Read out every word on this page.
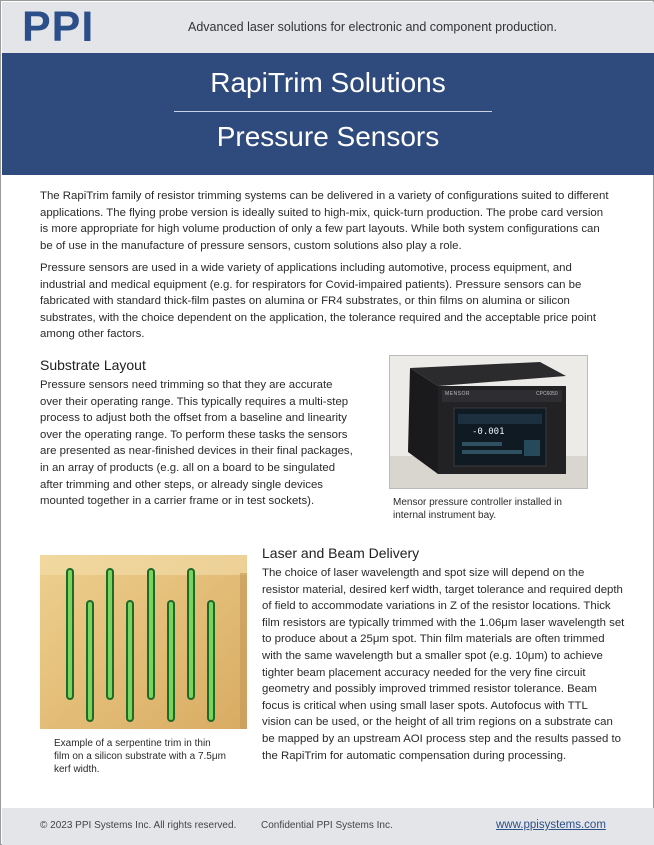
PPI	Advanced laser solutions for electronic and component production.
RapiTrim Solutions
Pressure Sensors
The RapiTrim family of resistor trimming systems can be delivered in a variety of configurations suited to different
applications. The flying probe version is ideally suited to high-mix, quick-turn production. The probe card version
is more appropriate for high volume production of only a few part layouts. While both system configurations can
be of use in the manufacture of pressure sensors, custom solutions also play a role.
Pressure sensors are used in a wide variety of applications including automotive, process equipment, and
industrial and medical equipment (e.g. for respirators for Covid-impaired patients). Pressure sensors can be
fabricated with standard thick-film pastes on alumina or FR4 substrates, or thin films on alumina or silicon
substrates, with the choice dependent on the application, the tolerance required and the acceptable price point
among other factors.
Substrate Layout
Pressure sensors need trimming so that they are accurate
over their operating range. This typically requires a multi-step
process to adjust both the offset from a baseline and linearity
over the operating range. To perform these tasks the sensors
are presented as near-finished devices in their final packages,
in an array of products (e.g. all on a board to be singulated
after trimming and other steps, or already single devices
mounted together in a carrier frame or in test sockets).
MENSOR	CPC6050
-0.001
Mensor pressure controller installed in
internal instrument bay.
Example of a serpentine trim in thin
film on a silicon substrate with a 7.5μm
kerf width.
Laser and Beam Delivery
The choice of laser wavelength and spot size will depend on the
resistor material, desired kerf width, target tolerance and required depth
of field to accommodate variations in Z of the resistor locations. Thick
film resistors are typically trimmed with the 1.06μm laser wavelength set
to produce about a 25μm spot. Thin film materials are often trimmed
with the same wavelength but a smaller spot (e.g. 10μm) to achieve
tighter beam placement accuracy needed for the very fine circuit
geometry and possibly improved trimmed resistor tolerance. Beam
focus is critical when using small laser spots. Autofocus with TTL
vision can be used, or the height of all trim regions on a substrate can
be mapped by an upstream AOI process step and the results passed to
the RapiTrim for automatic compensation during processing.
© 2023 PPI Systems Inc. All rights reserved. Confidential PPI Systems Inc.	www.ppisystems.com
